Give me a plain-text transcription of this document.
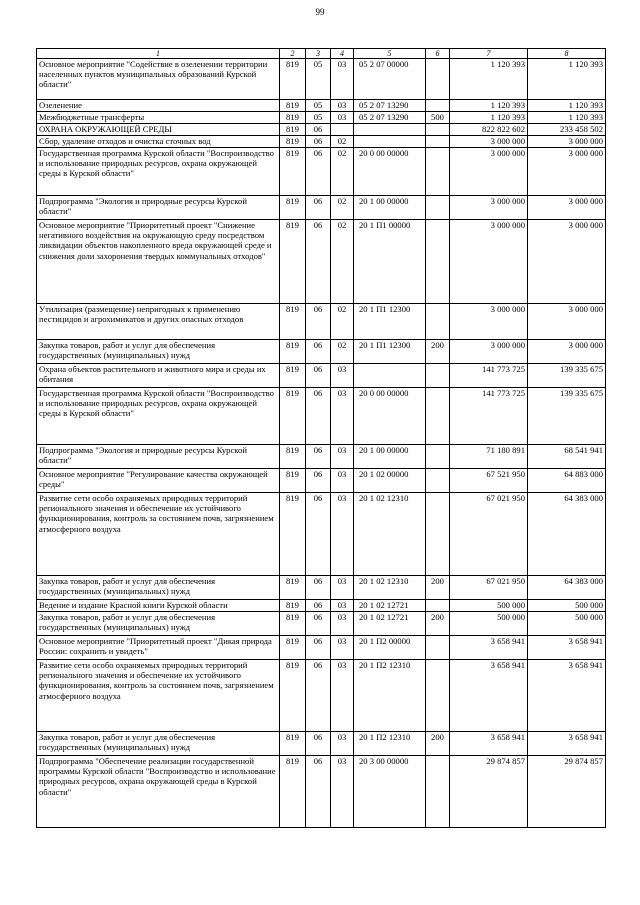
99
1	2	3	4	5	6	7	8
Основное мероприятие "Содействие в озеленении территории населенных пунктов муниципальных образований Курской области"	819	05	03	05 2 07 00000		1 120 393	1 120 393
Озеленение	819	05	03	05 2 07 13290		1 120 393	1 120 393
Межбюджетные трансферты	819	05	03	05 2 07 13290	500	1 120 393	1 120 393
ОХРАНА ОКРУЖАЮЩЕЙ СРЕДЫ	819	06				822 822 602	233 458 502
Сбор, удаление отходов и очистка сточных вод	819	06	02			3 000 000	3 000 000
Государственная программа Курской области "Воспроизводство и использование природных ресурсов, охрана окружающей среды в Курской области"	819	06	02	20 0 00 00000		3 000 000	3 000 000
Подпрограмма "Экология и природные ресурсы Курской области"	819	06	02	20 1 00 00000		3 000 000	3 000 000
Основное мероприятие "Приоритетный проект "Снижение негативного воздействия на окружающую среду посредством ликвидации объектов накопленного вреда окружающей среде и снижения доли захоронения твердых коммунальных отходов"	819	06	02	20 1 П1 00000		3 000 000	3 000 000
Утилизация (размещение) непригодных к применению пестицидов и агрохимикатов и других опасных отходов	819	06	02	20 1 П1 12300		3 000 000	3 000 000
Закупка товаров, работ и услуг для обеспечения государственных (муниципальных) нужд	819	06	02	20 1 П1 12300	200	3 000 000	3 000 000
Охрана объектов растительного и животного мира и среды их обитания	819	06	03			141 773 725	139 335 675
Государственная программа Курской области "Воспроизводство и использование природных ресурсов, охрана окружающей среды в Курской области"	819	06	03	20 0 00 00000		141 773 725	139 335 675
Подпрограмма "Экология и природные ресурсы Курской области"	819	06	03	20 1 00 00000		71 180 891	68 541 941
Основное мероприятие "Регулирование качества окружающей среды"	819	06	03	20 1 02 00000		67 521 950	64 883 000
Развитие сети особо охраняемых природных территорий регионального значения и обеспечение их устойчивого функционирования, контроль за состоянием почв, загрязнением атмосферного воздуха	819	06	03	20 1 02 12310		67 021 950	64 383 000
Закупка товаров, работ и услуг для обеспечения государственных (муниципальных) нужд	819	06	03	20 1 02 12310	200	67 021 950	64 383 000
Ведение и издание Красной книги Курской области	819	06	03	20 1 02 12721		500 000	500 000
Закупка товаров, работ и услуг для обеспечения государственных (муниципальных) нужд	819	06	03	20 1 02 12721	200	500 000	500 000
Основное мероприятие "Приоритетный проект "Дикая природа России: сохранить и увидеть"	819	06	03	20 1 П2 00000		3 658 941	3 658 941
Развитие сети особо охраняемых природных территорий регионального значения и обеспечение их устойчивого функционирования, контроль за состоянием почв, загрязнением атмосферного воздуха	819	06	03	20 1 П2 12310		3 658 941	3 658 941
Закупка товаров, работ и услуг для обеспечения государственных (муниципальных) нужд	819	06	03	20 1 П2 12310	200	3 658 941	3 658 941
Подпрограмма "Обеспечение реализации государственной программы Курской области "Воспроизводство и использование природных ресурсов, охрана окружающей среды в Курской области"	819	06	03	20 3 00 00000		29 874 857	29 874 857
